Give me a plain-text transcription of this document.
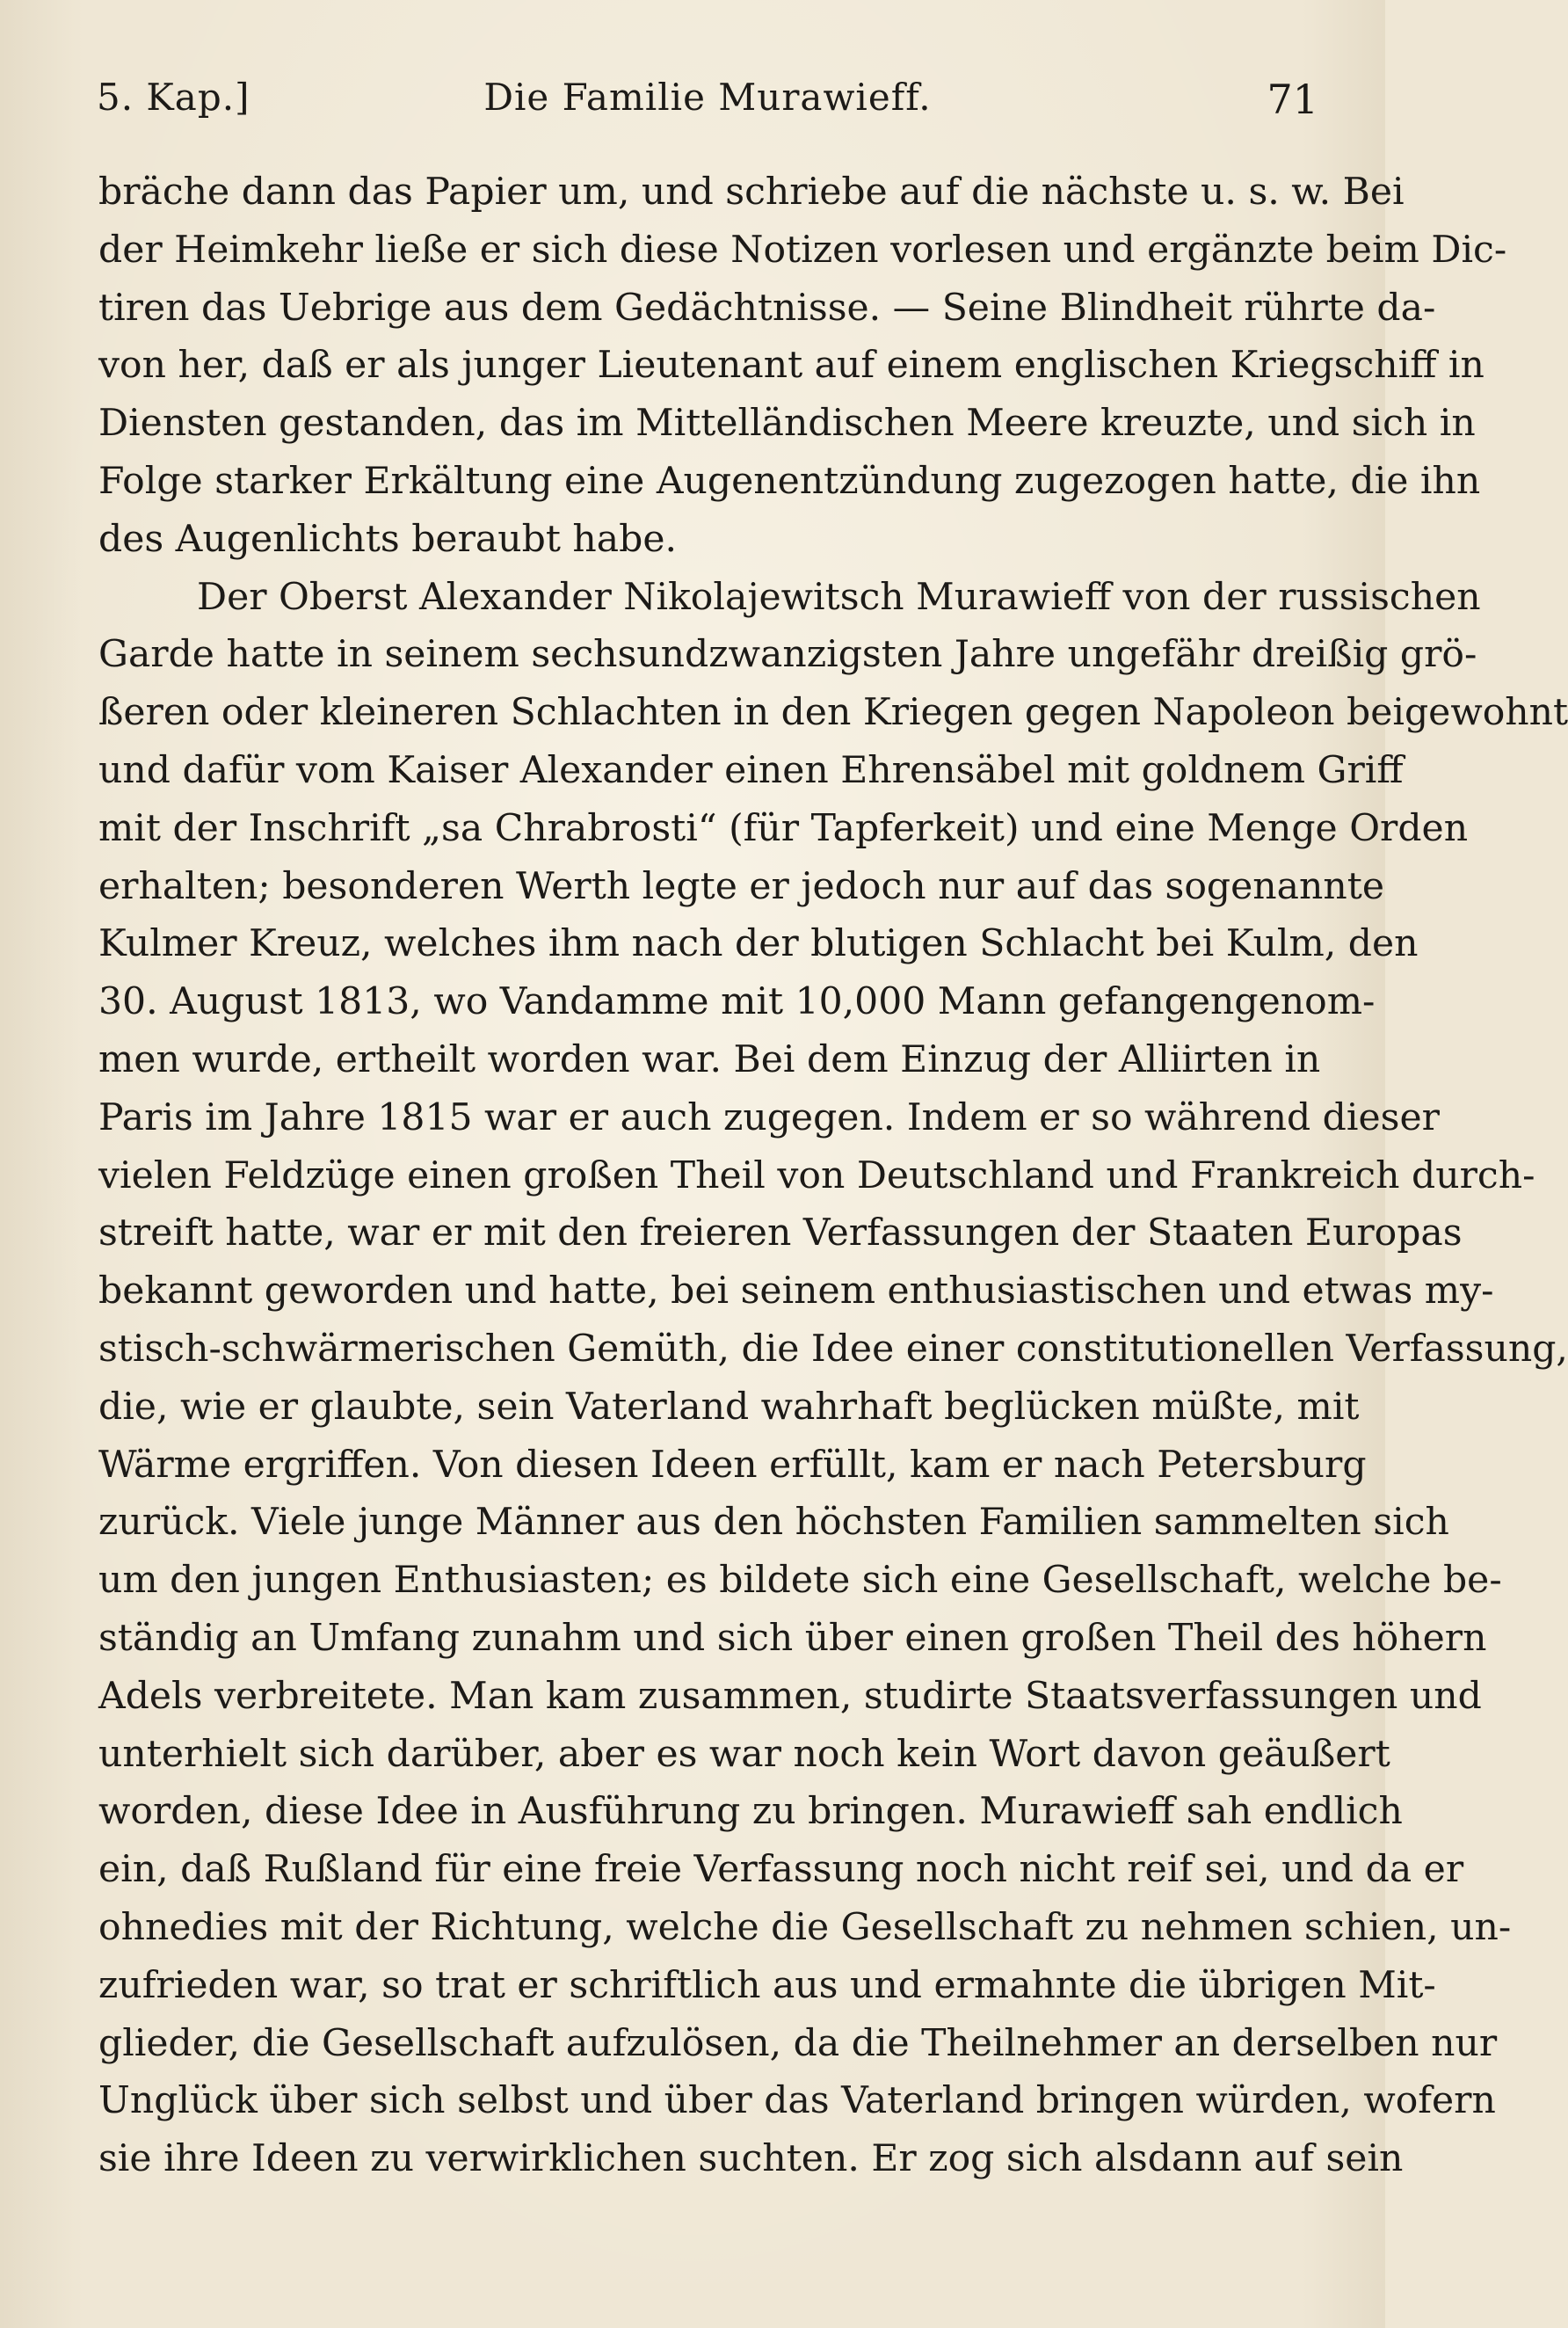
5. Kap.]	Die Familie Murawieff.	71
bräche dann das Papier um, und schriebe auf die nächste u. s. w. Bei
der Heimkehr ließe er sich diese Notizen vorlesen und ergänzte beim Dic-
tiren das Uebrige aus dem Gedächtnisse. — Seine Blindheit rührte da-
von her, daß er als junger Lieutenant auf einem englischen Kriegschiff in
Diensten gestanden, das im Mittelländischen Meere kreuzte, und sich in
Folge starker Erkältung eine Augenentzündung zugezogen hatte, die ihn
des Augenlichts beraubt habe.
Der Oberst Alexander Nikolajewitsch Murawieff von der russischen
Garde hatte in seinem sechsundzwanzigsten Jahre ungefähr dreißig grö-
ßeren oder kleineren Schlachten in den Kriegen gegen Napoleon beigewohnt
und dafür vom Kaiser Alexander einen Ehrensäbel mit goldnem Griff
mit der Inschrift „sa Chrabrosti“ (für Tapferkeit) und eine Menge Orden
erhalten; besonderen Werth legte er jedoch nur auf das sogenannte
Kulmer Kreuz, welches ihm nach der blutigen Schlacht bei Kulm, den
30. August 1813, wo Vandamme mit 10,000 Mann gefangengenom-
men wurde, ertheilt worden war. Bei dem Einzug der Alliirten in
Paris im Jahre 1815 war er auch zugegen. Indem er so während dieser
vielen Feldzüge einen großen Theil von Deutschland und Frankreich durch-
streift hatte, war er mit den freieren Verfassungen der Staaten Europas
bekannt geworden und hatte, bei seinem enthusiastischen und etwas my-
stisch-schwärmerischen Gemüth, die Idee einer constitutionellen Verfassung,
die, wie er glaubte, sein Vaterland wahrhaft beglücken müßte, mit
Wärme ergriffen. Von diesen Ideen erfüllt, kam er nach Petersburg
zurück. Viele junge Männer aus den höchsten Familien sammelten sich
um den jungen Enthusiasten; es bildete sich eine Gesellschaft, welche be-
ständig an Umfang zunahm und sich über einen großen Theil des höhern
Adels verbreitete. Man kam zusammen, studirte Staatsverfassungen und
unterhielt sich darüber, aber es war noch kein Wort davon geäußert
worden, diese Idee in Ausführung zu bringen. Murawieff sah endlich
ein, daß Rußland für eine freie Verfassung noch nicht reif sei, und da er
ohnedies mit der Richtung, welche die Gesellschaft zu nehmen schien, un-
zufrieden war, so trat er schriftlich aus und ermahnte die übrigen Mit-
glieder, die Gesellschaft aufzulösen, da die Theilnehmer an derselben nur
Unglück über sich selbst und über das Vaterland bringen würden, wofern
sie ihre Ideen zu verwirklichen suchten. Er zog sich alsdann auf sein
